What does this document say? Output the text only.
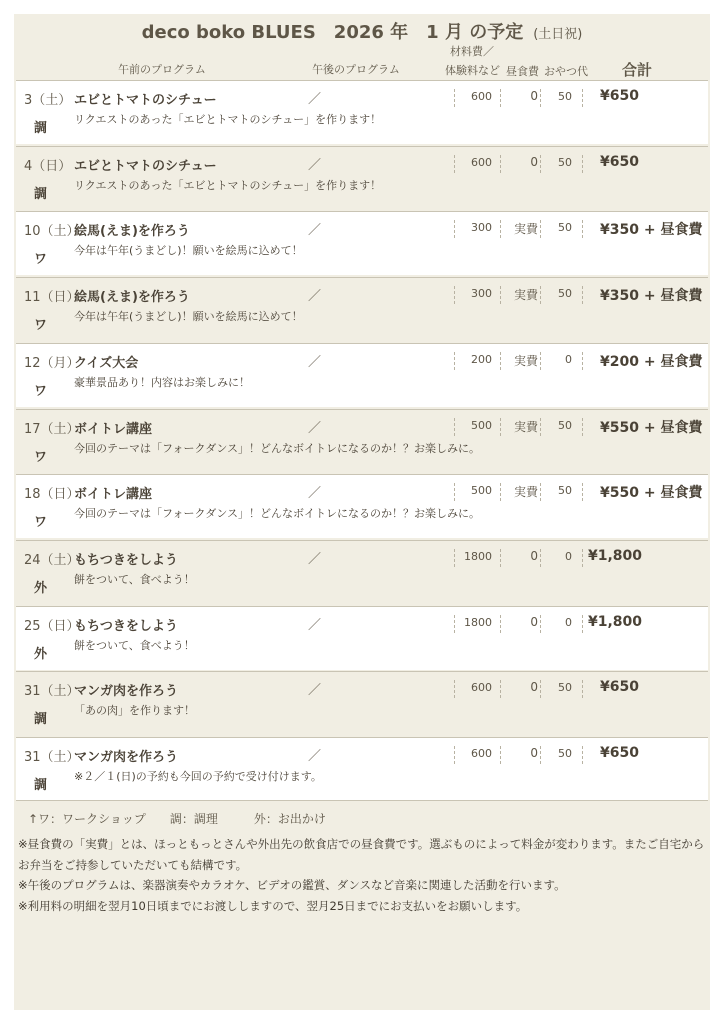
deco boko BLUES　2026 年　1 月 の予定 (土日祝)
午前のプログラム	午後のプログラム
材料費／
体験料など 昼食費 おやつ代 合計
3（土）
調
エビとトマトのシチュー
リクエストのあった「エビとトマトのシチュー」を作ります！
／	600	0	50 ¥650
4（日）
調
エビとトマトのシチュー
リクエストのあった「エビとトマトのシチュー」を作ります！
／	600	0	50 ¥650
10（土）
ワ
絵馬(えま)を作ろう
今年は午年(うまどし)！願いを絵馬に込めて！
／	300	実費	50 ¥350 + 昼食費
11（日）
ワ
絵馬(えま)を作ろう
今年は午年(うまどし)！願いを絵馬に込めて！
／	300	実費	50 ¥350 + 昼食費
12（月）
ワ
クイズ大会
豪華景品あり！内容はお楽しみに！
／	200	実費	0 ¥200 + 昼食費
17（土）
ワ
ボイトレ講座
今回のテーマは「フォークダンス」！どんなボイトレになるのか！？お楽しみに。
／	500	実費	50 ¥550 + 昼食費
18（日）
ワ
ボイトレ講座
今回のテーマは「フォークダンス」！どんなボイトレになるのか！？お楽しみに。
／	500	実費	50 ¥550 + 昼食費
24（土）
外
もちつきをしよう
餅をついて、食べよう！
／	1800	0	0 ¥1,800
25（日）
外
もちつきをしよう
餅をついて、食べよう！
／	1800	0	0 ¥1,800
31（土）
調
マンガ肉を作ろう
「あの肉」を作ります！
／	600	0	50 ¥650
31（土）
調
マンガ肉を作ろう
※２／１(日)の予約も今回の予約で受け付けます。
／	600	0	50 ¥650
↑ワ：ワークショップ　　調：調理　　　外：お出かけ

※昼食費の「実費」とは、ほっともっとさんや外出先の飲食店での昼食費です。選ぶものによって料金が変わります。またご自宅からお弁当をご持参していただいても結構です。

※午後のプログラムは、楽器演奏やカラオケ、ビデオの鑑賞、ダンスなど音楽に関連した活動を行います。

※利用料の明細を翌月10日頃までにお渡ししますので、翌月25日までにお支払いをお願いします。
